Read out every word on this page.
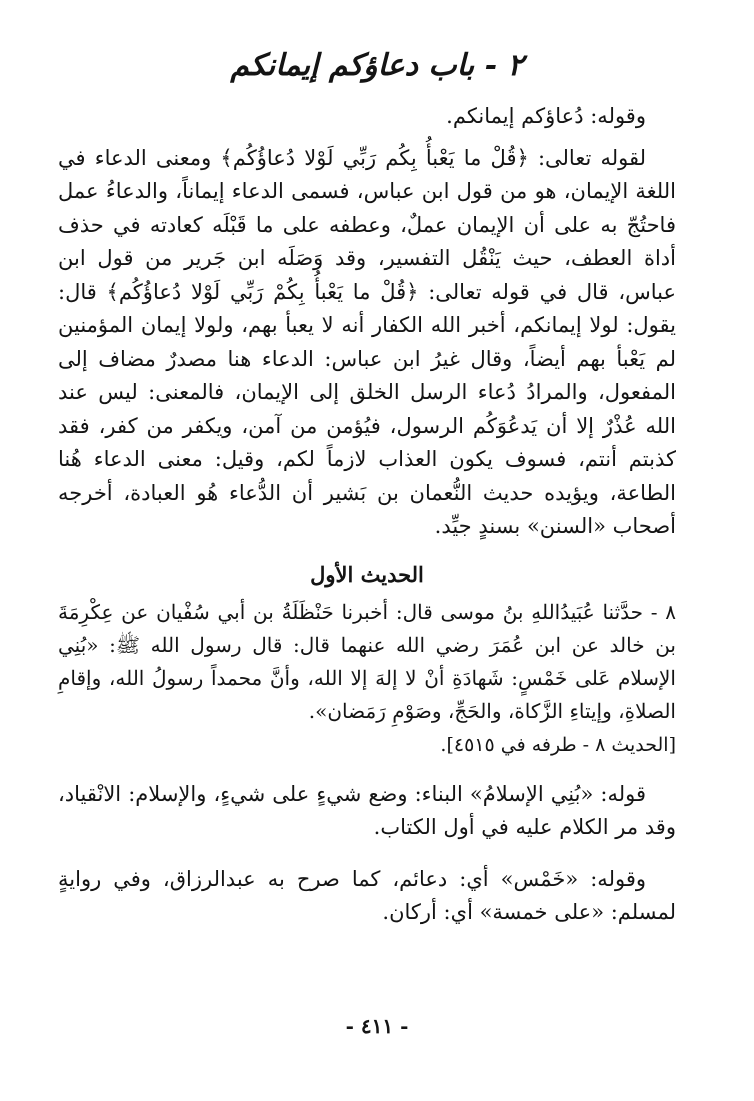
٢ - باب دعاؤكم إيمانكم

وقوله: دُعاؤكم إيمانكم.

لقوله تعالى: ﴿قُلْ ما يَعْبأُ بِكُم رَبِّي لَوْلا دُعاؤُكُم﴾ ومعنى الدعاء في اللغة الإيمان، هو من قول ابن عباس، فسمى الدعاء إيماناً، والدعاءُ عمل فاحتُجّ به على أن الإيمان عملٌ، وعطفه على ما قَبْلَه كعادته في حذف أداة العطف، حيث يَنْقُل التفسير، وقد وَصَلَه ابن جَرير من قول ابن عباس، قال في قوله تعالى: ﴿قُلْ ما يَعْبأُ بِكُمْ رَبِّي لَوْلا دُعاؤُكُم﴾ قال: يقول: لولا إيمانكم، أخبر الله الكفار أنه لا يعبأ بهم، ولولا إيمان المؤمنين لم يَعْبأ بهم أيضاً، وقال غيرُ ابن عباس: الدعاء هنا مصدرٌ مضاف إلى المفعول، والمرادُ دُعاء الرسل الخلق إلى الإيمان، فالمعنى: ليس عند الله عُذْرٌ إلا أن يَدعُوَكُم الرسول، فيُؤمن من آمن، ويكفر من كفر، فقد كذبتم أنتم، فسوف يكون العذاب لازماً لكم، وقيل: معنى الدعاء هُنا الطاعة، ويؤيده حديث النُّعمان بن بَشير أن الدُّعاء هُو العبادة، أخرجه أصحاب «السنن» بسندٍ جيِّد.

الحديث الأول

٨ - حدَّثنا عُبَيدُاللهِ بنُ موسى قال: أخبرنا حَنْظَلَةُ بن أبي سُفْيان عن عِكْرِمَةَ بن خالد عن ابن عُمَرَ رضي الله عنهما قال: قال رسول الله ﷺ: «بُنِي الإسلام عَلى خَمْسٍ: شَهادَةِ أنْ لا إلهَ إلا الله، وأنَّ محمداً رسولُ الله، وإقامِ الصلاةِ، وإيتاءِ الزَّكاة، والحَجِّ، وصَوْمِ رَمَضان».

[الحديث ٨ - طرفه في ٤٥١٥].

قوله: «بُنِي الإسلامُ» البناء: وضع شيءٍ على شيءٍ، والإسلام: الانْقياد، وقد مر الكلام عليه في أول الكتاب.

وقوله: «خَمْس» أي: دعائم، كما صرح به عبدالرزاق، وفي روايةٍ لمسلم: «على خمسة» أي: أركان.

- ٤١١ -
